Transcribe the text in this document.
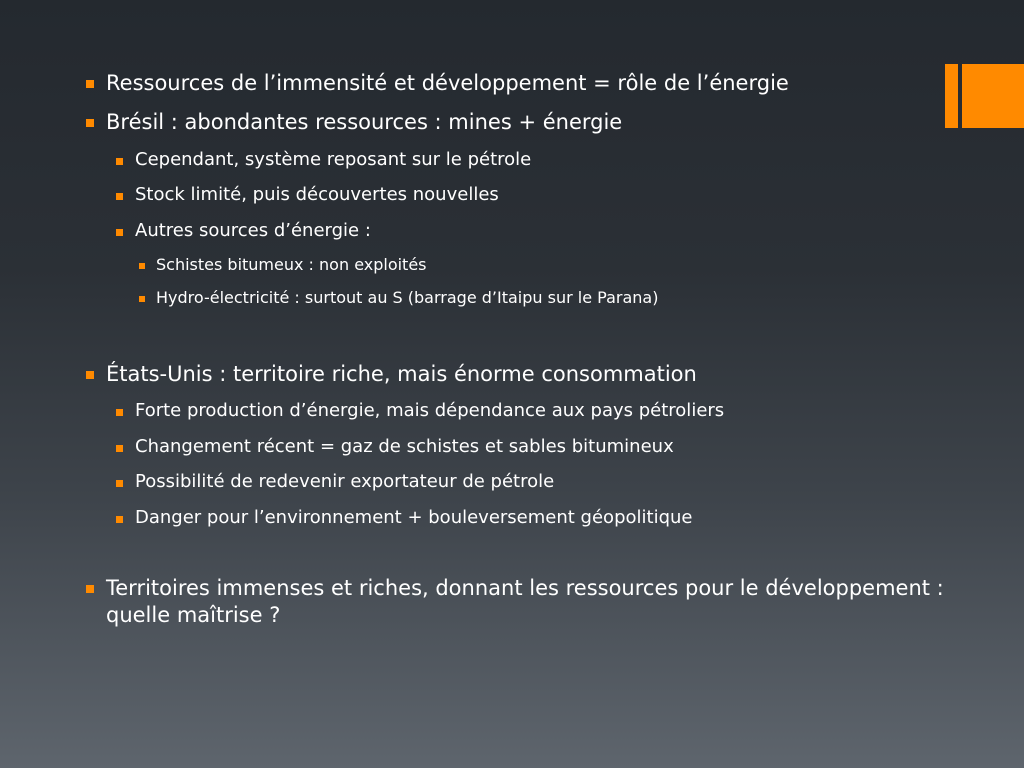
Ressources de l’immensité et développement = rôle de l’énergie
Brésil : abondantes ressources : mines + énergie
Cependant, système reposant sur le pétrole
Stock limité, puis découvertes nouvelles
Autres sources d’énergie :
Schistes bitumeux : non exploités
Hydro-électricité : surtout au S (barrage d’Itaipu sur le Parana)
États-Unis : territoire riche, mais énorme consommation
Forte production d’énergie, mais dépendance aux pays pétroliers
Changement récent = gaz de schistes et sables bitumineux
Possibilité de redevenir exportateur de pétrole
Danger pour l’environnement + bouleversement géopolitique
Territoires immenses et riches, donnant les ressources pour le développement : quelle maîtrise ?
